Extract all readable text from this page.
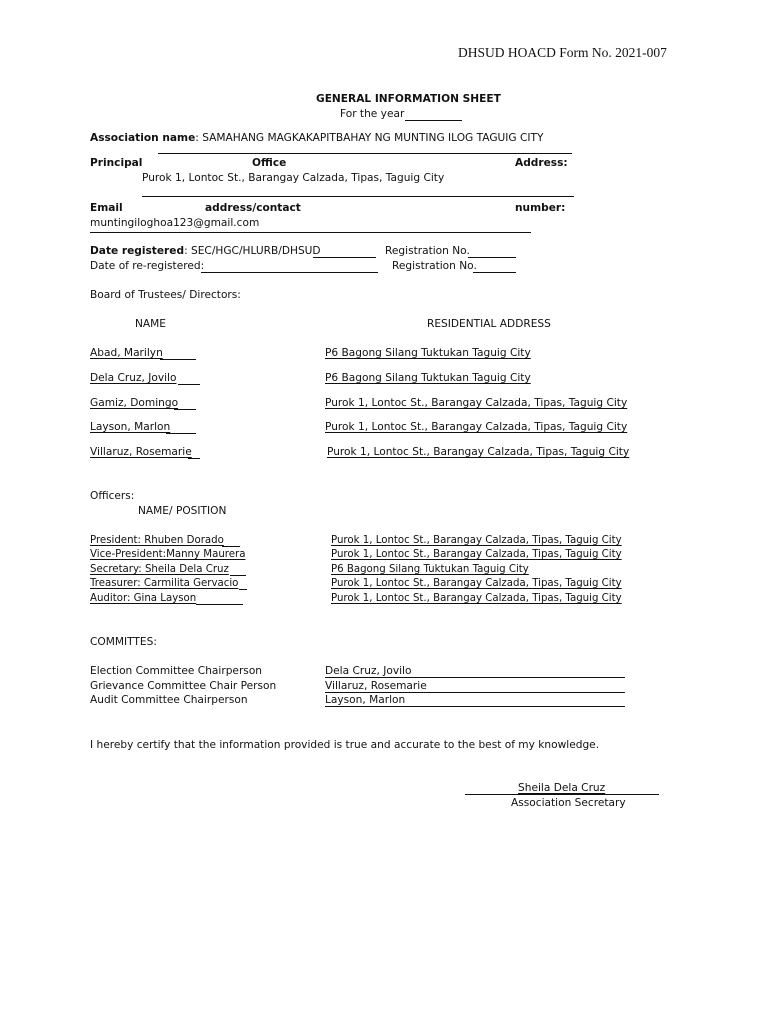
DHSUD HOACD Form No. 2021-007
GENERAL INFORMATION SHEET
For the year
Association name: SAMAHANG MAGKAKAPITBAHAY NG MUNTING ILOG TAGUIG CITY
Principal	Office	Address:
Purok 1, Lontoc St., Barangay Calzada, Tipas, Taguig City
Email	address/contact	number:
muntingiloghoa123@gmail.com
Date registered: SEC/HGC/HLURB/DHSUD	Registration No.
Date of re-registered:	Registration No.
Board of Trustees/ Directors:
NAME	RESIDENTIAL ADDRESS
Abad, Marilyn	P6 Bagong Silang Tuktukan Taguig City
Dela Cruz, Jovilo	P6 Bagong Silang Tuktukan Taguig City
Gamiz, Domingo	Purok 1, Lontoc St., Barangay Calzada, Tipas, Taguig City
Layson, Marlon	Purok 1, Lontoc St., Barangay Calzada, Tipas, Taguig City
Villaruz, Rosemarie	Purok 1, Lontoc St., Barangay Calzada, Tipas, Taguig City
Officers:
NAME/ POSITION
President: Rhuben Dorado	Purok 1, Lontoc St., Barangay Calzada, Tipas, Taguig City
Vice-President:Manny Maurera	Purok 1, Lontoc St., Barangay Calzada, Tipas, Taguig City
Secretary: Sheila Dela Cruz	P6 Bagong Silang Tuktukan Taguig City
Treasurer: Carmilita Gervacio	Purok 1, Lontoc St., Barangay Calzada, Tipas, Taguig City
Auditor: Gina Layson	Purok 1, Lontoc St., Barangay Calzada, Tipas, Taguig City
COMMITTES:
Election Committee Chairperson	Dela Cruz, Jovilo
Grievance Committee Chair Person	Villaruz, Rosemarie
Audit Committee Chairperson	Layson, Marlon
I hereby certify that the information provided is true and accurate to the best of my knowledge.
Sheila Dela Cruz
Association Secretary
